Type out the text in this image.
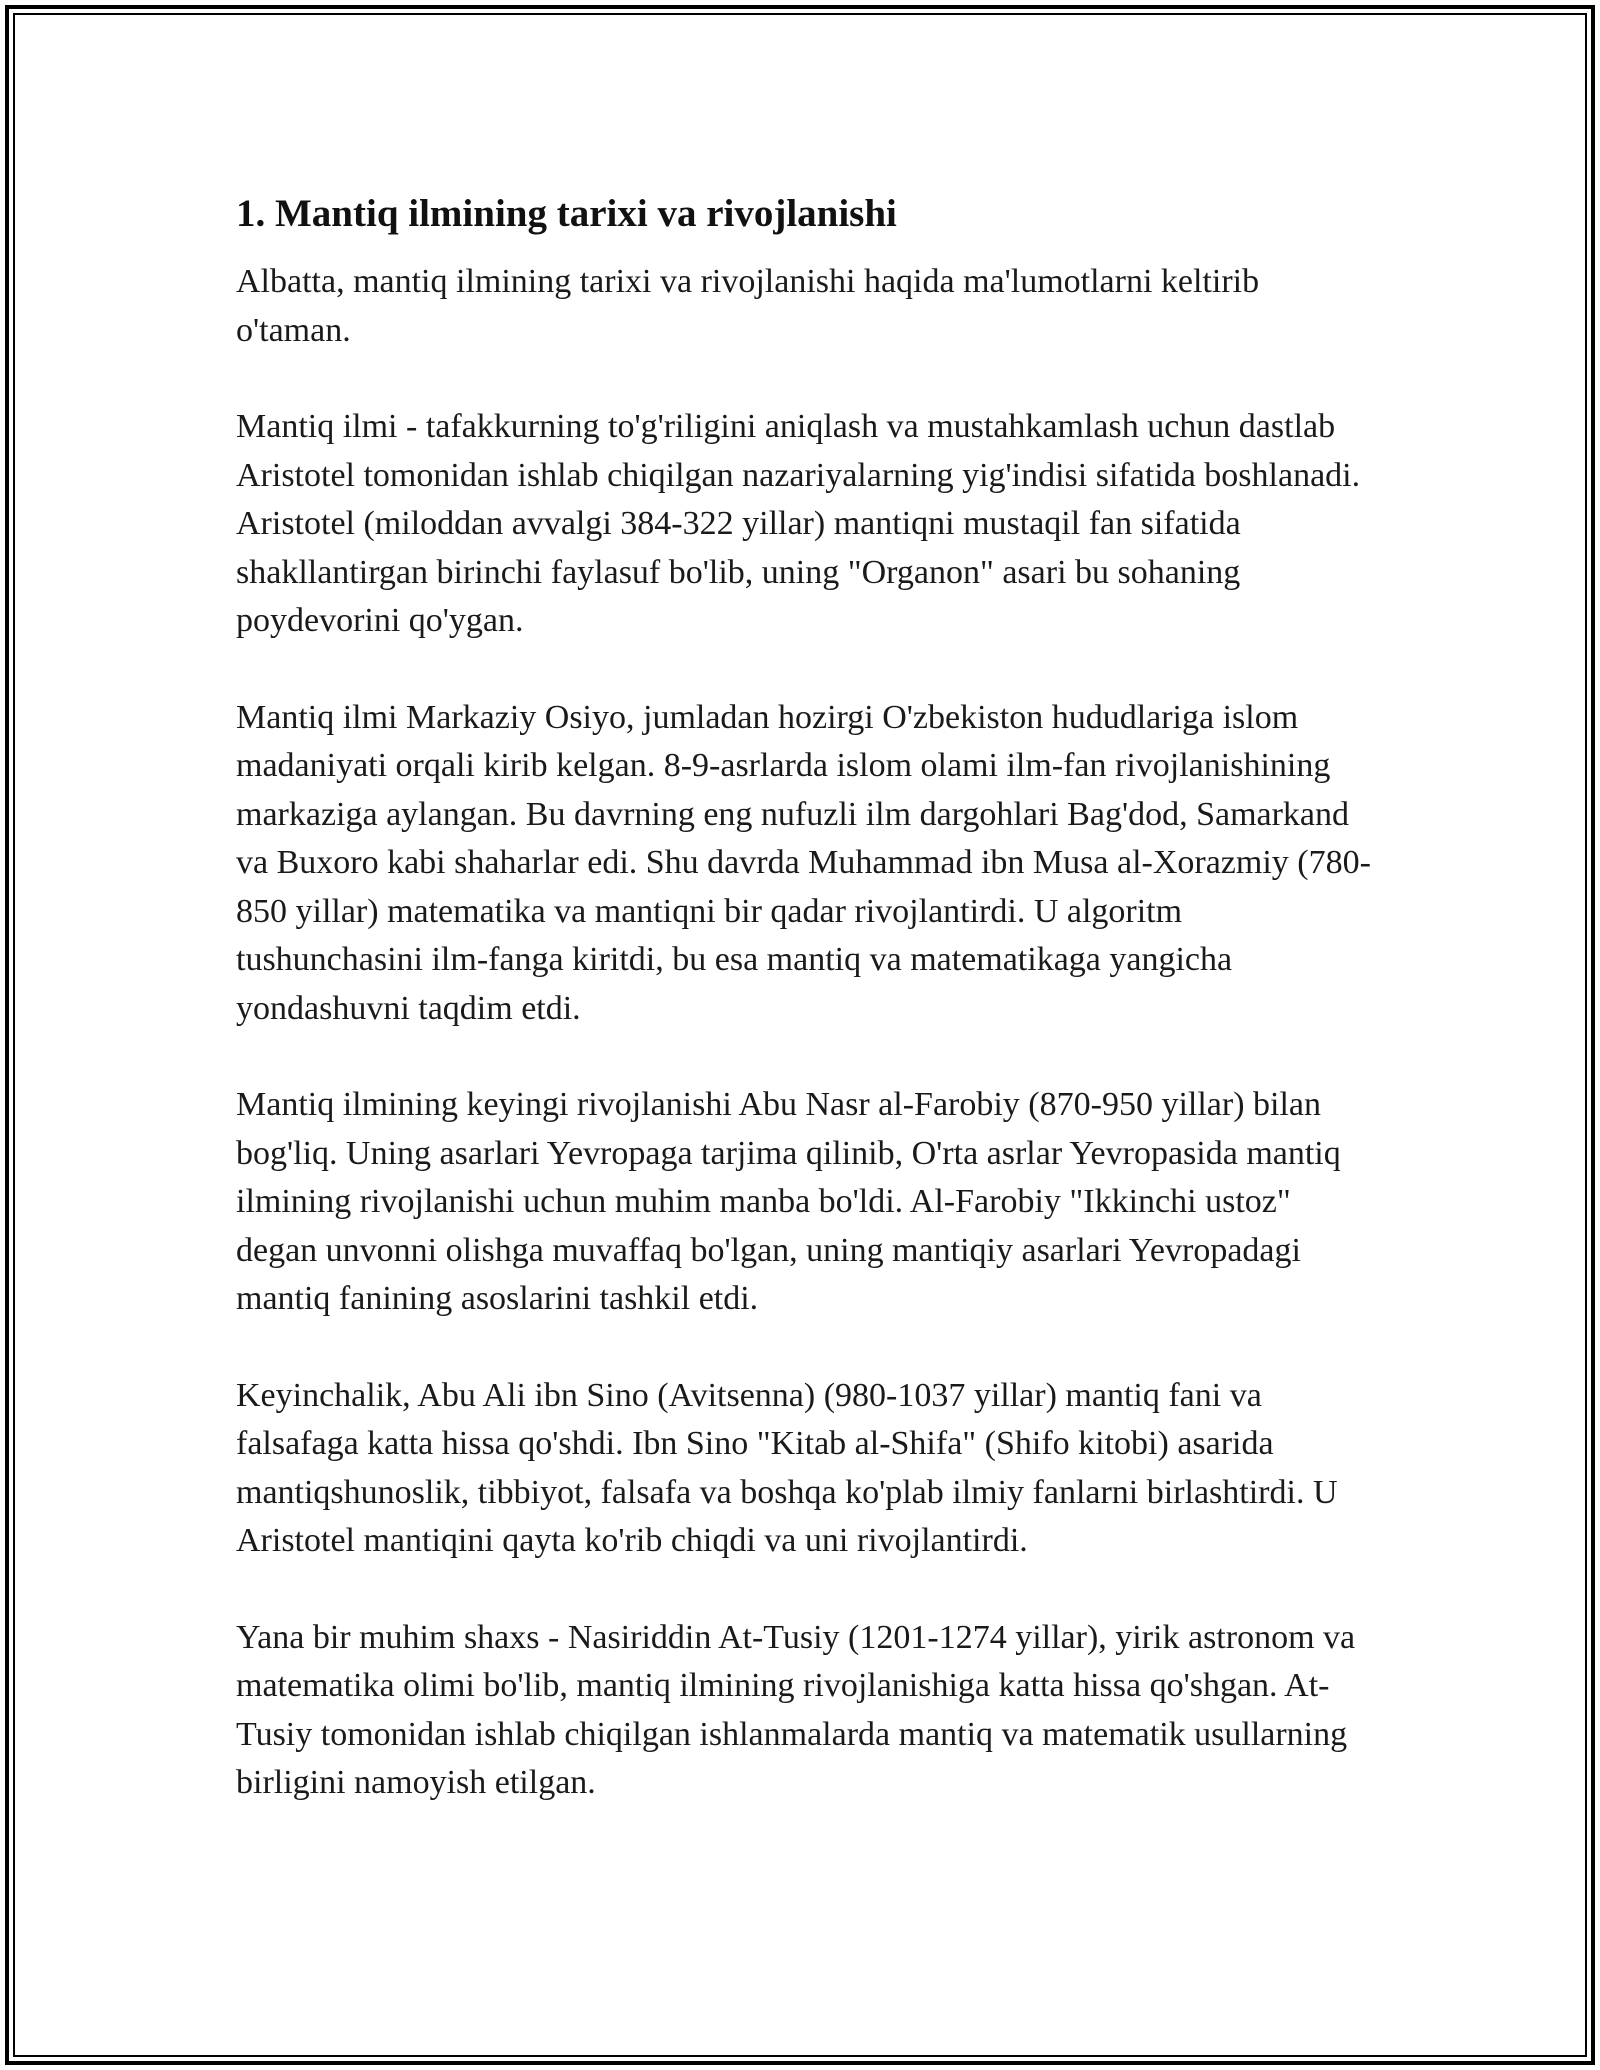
1. Mantiq ilmining tarixi va rivojlanishi

Albatta, mantiq ilmining tarixi va rivojlanishi haqida ma'lumotlarni keltirib o'taman.

Mantiq ilmi - tafakkurning to'g'riligini aniqlash va mustahkamlash uchun dastlab Aristotel tomonidan ishlab chiqilgan nazariyalarning yig'indisi sifatida boshlanadi. Aristotel (miloddan avvalgi 384-322 yillar) mantiqni mustaqil fan sifatida shakllantirgan birinchi faylasuf bo'lib, uning "Organon" asari bu sohaning poydevorini qo'ygan.

Mantiq ilmi Markaziy Osiyo, jumladan hozirgi O'zbekiston hududlariga islom madaniyati orqali kirib kelgan. 8-9-asrlarda islom olami ilm-fan rivojlanishining markaziga aylangan. Bu davrning eng nufuzli ilm dargohlari Bag'dod, Samarkand va Buxoro kabi shaharlar edi. Shu davrda Muhammad ibn Musa al-Xorazmiy (780-850 yillar) matematika va mantiqni bir qadar rivojlantirdi. U algoritm tushunchasini ilm-fanga kiritdi, bu esa mantiq va matematikaga yangicha yondashuvni taqdim etdi.

Mantiq ilmining keyingi rivojlanishi Abu Nasr al-Farobiy (870-950 yillar) bilan bog'liq. Uning asarlari Yevropaga tarjima qilinib, O'rta asrlar Yevropasida mantiq ilmining rivojlanishi uchun muhim manba bo'ldi. Al-Farobiy "Ikkinchi ustoz" degan unvonni olishga muvaffaq bo'lgan, uning mantiqiy asarlari Yevropadagi mantiq fanining asoslarini tashkil etdi.

Keyinchalik, Abu Ali ibn Sino (Avitsenna) (980-1037 yillar) mantiq fani va falsafaga katta hissa qo'shdi. Ibn Sino "Kitab al-Shifa" (Shifo kitobi) asarida mantiqshunoslik, tibbiyot, falsafa va boshqa ko'plab ilmiy fanlarni birlashtirdi. U Aristotel mantiqini qayta ko'rib chiqdi va uni rivojlantirdi.

Yana bir muhim shaxs - Nasiriddin At-Tusiy (1201-1274 yillar), yirik astronom va matematika olimi bo'lib, mantiq ilmining rivojlanishiga katta hissa qo'shgan. At-Tusiy tomonidan ishlab chiqilgan ishlanmalarda mantiq va matematik usullarning birligini namoyish etilgan.
